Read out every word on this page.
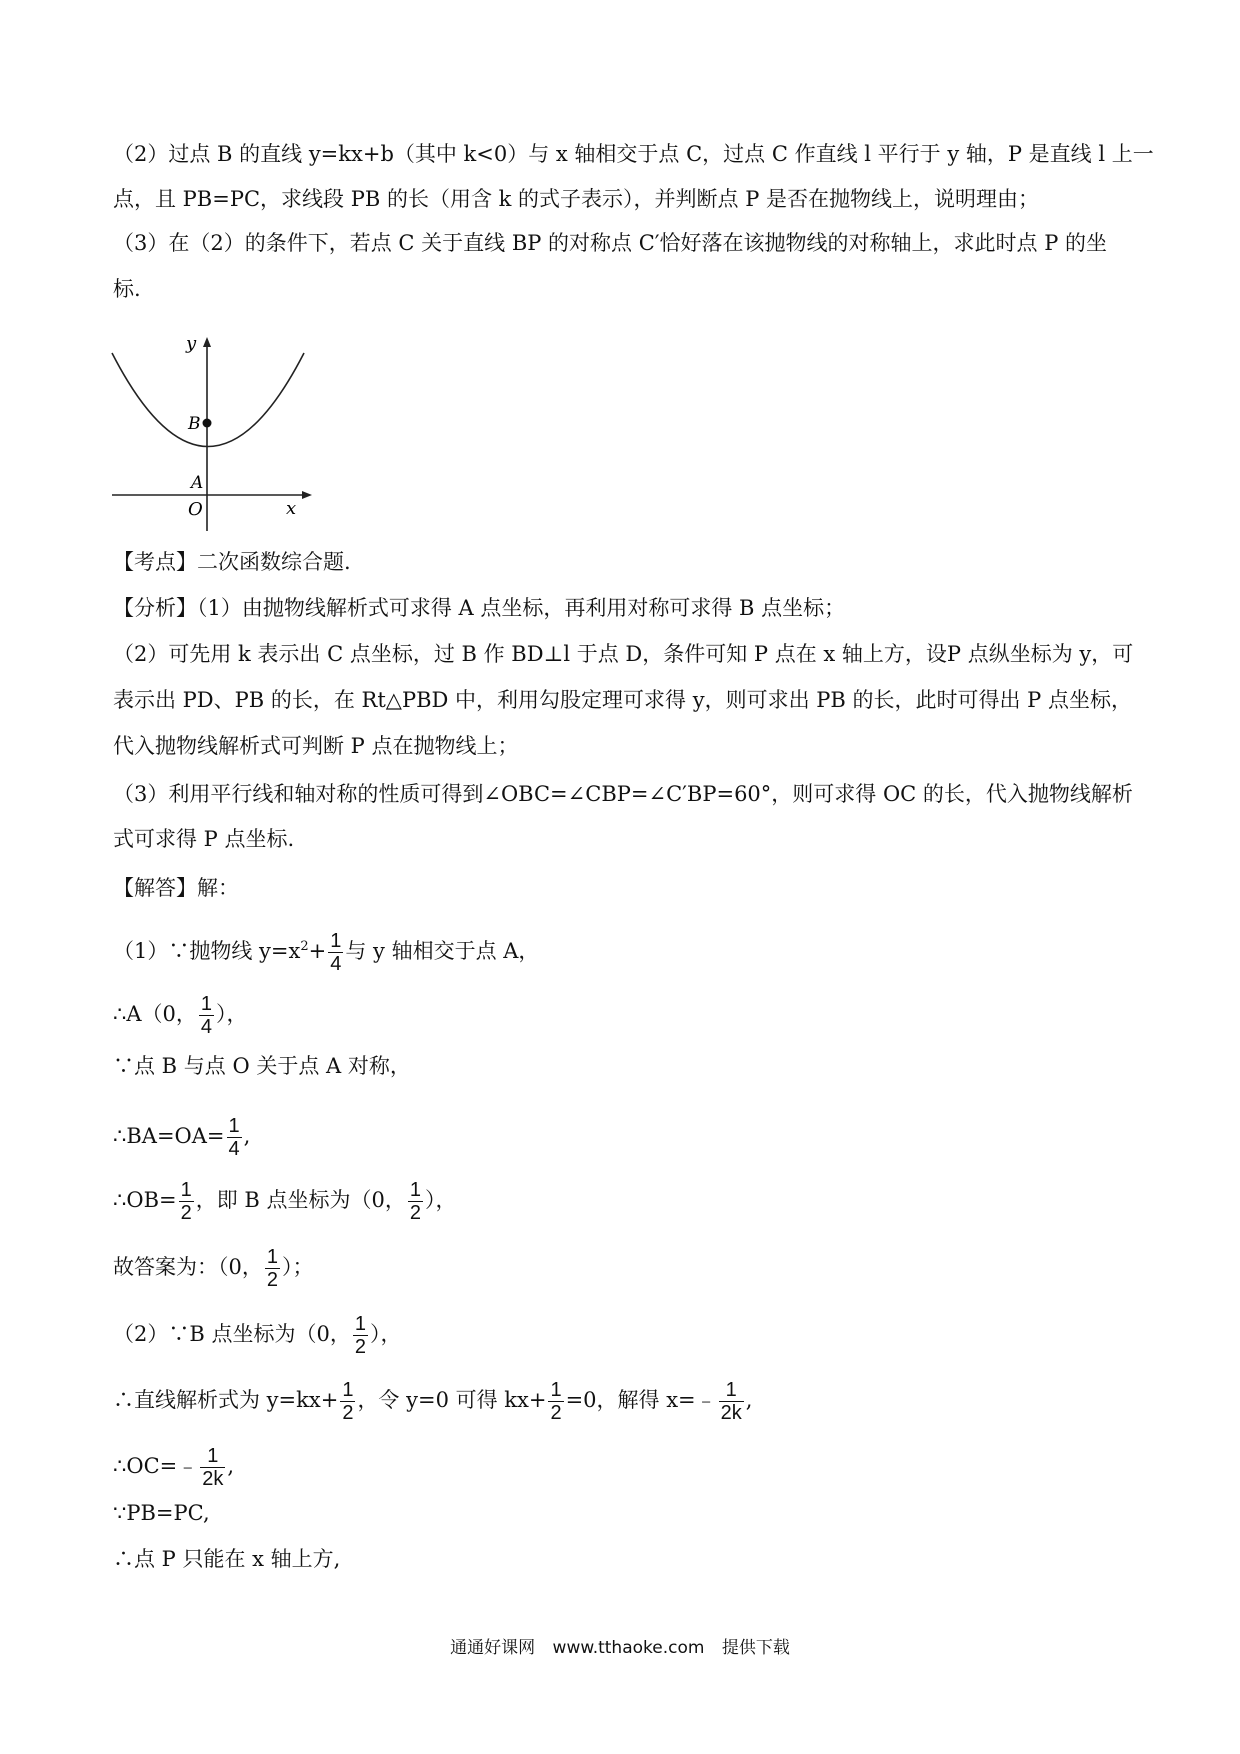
（2）过点 B 的直线 y=kx+b（其中 k<0）与 x 轴相交于点 C，过点 C 作直线 l 平行于 y 轴，P 是直线 l 上一
点，且 PB=PC，求线段 PB 的长（用含 k 的式子表示），并判断点 P 是否在抛物线上，说明理由；
（3）在（2）的条件下，若点 C 关于直线 BP 的对称点 C′恰好落在该抛物线的对称轴上，求此时点 P 的坐
标.
y
x
O
A
B
【考点】二次函数综合题.
【分析】（1）由抛物线解析式可求得 A 点坐标，再利用对称可求得 B 点坐标；
（2）可先用 k 表示出 C 点坐标，过 B 作 BD⊥l 于点 D，条件可知 P 点在 x 轴上方，设P 点纵坐标为 y，可
表示出 PD、PB 的长，在 Rt△PBD 中，利用勾股定理可求得 y，则可求出 PB 的长，此时可得出 P 点坐标，
代入抛物线解析式可判断 P 点在抛物线上；
（3）利用平行线和轴对称的性质可得到∠OBC=∠CBP=∠C′BP=60°，则可求得 OC 的长，代入抛物线解析
式可求得 P 点坐标.
【解答】解：
（1）∵抛物线 $y=x^2+ \frac{1}{4}$ 与 y 轴相交于点 A，
∴A（0， $\frac{1}{4}$ ），
∵点 B 与点 O 关于点 A 对称，
∴BA=OA= $\frac{1}{4}$ ,
∴OB= $\frac{1}{2}$ ，即 B 点坐标为（0， $\frac{1}{2}$ ），
故答案为：（0， $\frac{1}{2}$ ）；
（2）∵B 点坐标为（0， $\frac{1}{2}$ ），
∴直线解析式为 $y=kx+ \frac{1}{2}$ ，令 y=0 可得 $kx+ \frac{1}{2} =0$，解得 x=﹣ $\frac{1}{2k}$ ,
∴OC=﹣ $\frac{1}{2k}$ ,
∵PB=PC,
∴点 P 只能在 x 轴上方,
通通好课网 www.tthaoke.com 提供下载
